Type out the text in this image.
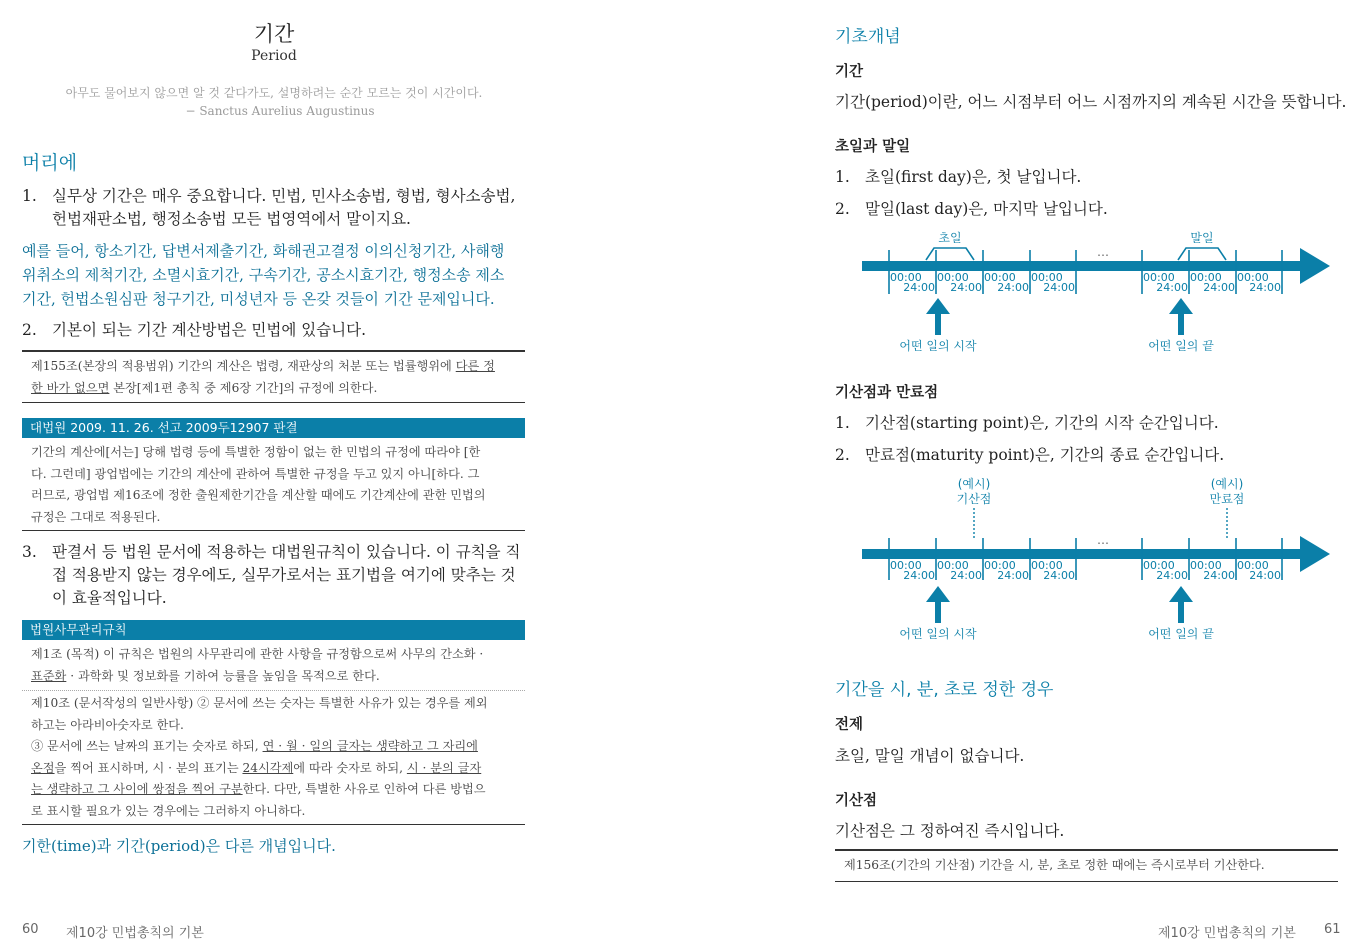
기간
Period
아무도 물어보지 않으면 알 것 같다가도, 설명하려는 순간 모르는 것이 시간이다.
− Sanctus Aurelius Augustinus
머리에
1. 실무상 기간은 매우 중요합니다. 민법, 민사소송법, 형법, 형사소송법,
헌법재판소법, 행정소송법 모든 법영역에서 말이지요.
예를 들어, 항소기간, 답변서제출기간, 화해권고결정 이의신청기간, 사해행
위취소의 제척기간, 소멸시효기간, 구속기간, 공소시효기간, 행정소송 제소
기간, 헌법소원심판 청구기간, 미성년자 등 온갖 것들이 기간 문제입니다.
2. 기본이 되는 기간 계산방법은 민법에 있습니다.
제155조(본장의 적용범위) 기간의 계산은 법령, 재판상의 처분 또는 법률행위에 다른 정
한 바가 없으면 본장[제1편 총칙 중 제6장 기간]의 규정에 의한다.
대법원 2009. 11. 26. 선고 2009두12907 판결
기간의 계산에[서는] 당해 법령 등에 특별한 정함이 없는 한 민법의 규정에 따라야 [한
다. 그런데] 광업법에는 기간의 계산에 관하여 특별한 규정을 두고 있지 아니[하다. 그
러므로, 광업법 제16조에 정한 출원제한기간을 계산할 때에도 기간계산에 관한 민법의
규정은 그대로 적용된다.
3. 판결서 등 법원 문서에 적용하는 대법원규칙이 있습니다. 이 규칙을 직
접 적용받지 않는 경우에도, 실무가로서는 표기법을 여기에 맞추는 것
이 효율적입니다.
법원사무관리규칙
제1조 (목적) 이 규칙은 법원의 사무관리에 관한 사항을 규정함으로써 사무의 간소화 ·
표준화 · 과학화 및 정보화를 기하여 능률을 높임을 목적으로 한다.
제10조 (문서작성의 일반사항) ② 문서에 쓰는 숫자는 특별한 사유가 있는 경우를 제외
하고는 아라비아숫자로 한다.
③ 문서에 쓰는 날짜의 표기는 숫자로 하되, 연 · 월 · 일의 글자는 생략하고 그 자리에
온점을 찍어 표시하며, 시 · 분의 표기는 24시각제에 따라 숫자로 하되, 시 · 분의 글자
는 생략하고 그 사이에 쌍점을 찍어 구분한다. 다만, 특별한 사유로 인하여 다른 방법으
로 표시할 필요가 있는 경우에는 그러하지 아니하다.
기한(time)과 기간(period)은 다른 개념입니다.
60 제10강 민법총칙의 기본
기초개념
기간
기간(period)이란, 어느 시점부터 어느 시점까지의 계속된 시간을 뜻합니다.
초일과 말일
1. 초일(first day)은, 첫 날입니다.
2. 말일(last day)은, 마지막 날입니다.
초일	말일
…
00:00 00:00 00:00 00:00	00:00 00:00 00:00
24:00 24:00 24:00 24:00	24:00 24:00 24:00
어떤 일의 시작	어떤 일의 끝
기산점과 만료점
1. 기산점(starting point)은, 기간의 시작 순간입니다.
2. 만료점(maturity point)은, 기간의 종료 순간입니다.
(예시)
기산점
(예시)
만료점
…
00:00 00:00 00:00 00:00	00:00 00:00 00:00
24:00 24:00 24:00 24:00	24:00 24:00 24:00
어떤 일의 시작	어떤 일의 끝
기간을 시, 분, 초로 정한 경우
전제
초일, 말일 개념이 없습니다.
기산점
기산점은 그 정하여진 즉시입니다.
제156조(기간의 기산점) 기간을 시, 분, 초로 정한 때에는 즉시로부터 기산한다.
제10강 민법총칙의 기본 61
